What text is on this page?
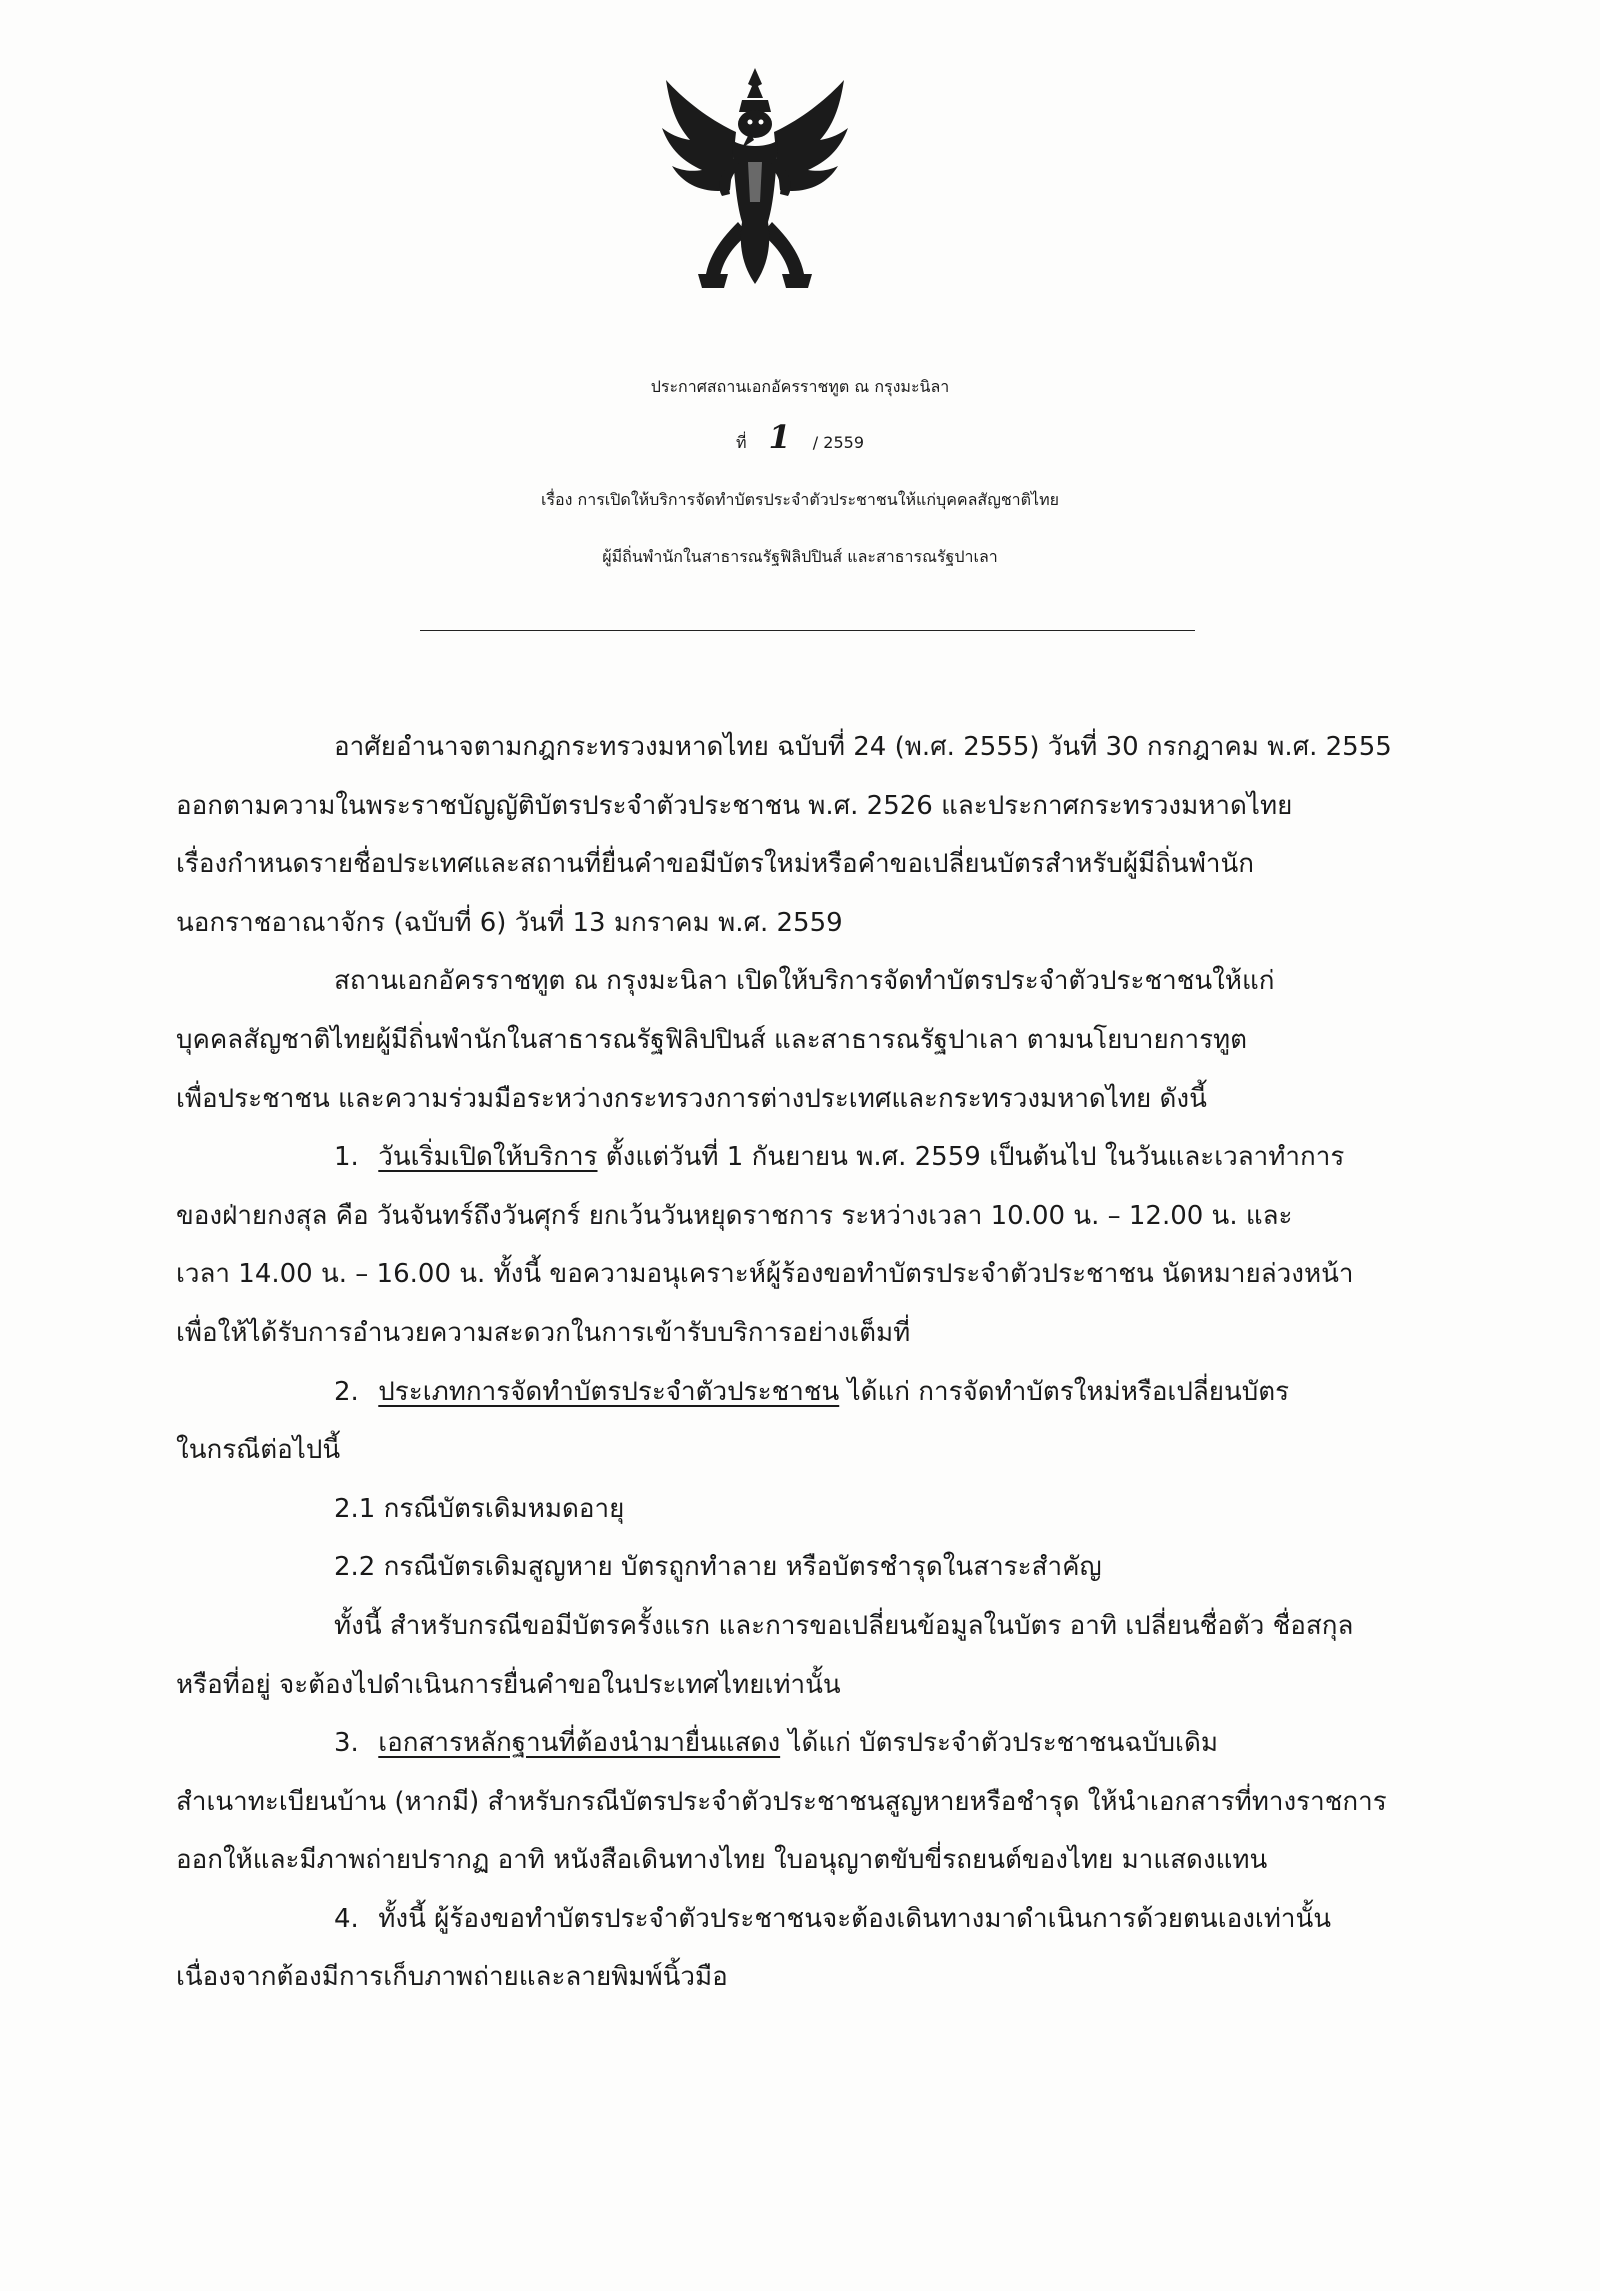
ประกาศสถานเอกอัครราชทูต ณ กรุงมะนิลา
ที่ 1 / 2559
เรื่อง การเปิดให้บริการจัดทำบัตรประจำตัวประชาชนให้แก่บุคคลสัญชาติไทย
ผู้มีถิ่นพำนักในสาธารณรัฐฟิลิปปินส์ และสาธารณรัฐปาเลา
อาศัยอำนาจตามกฎกระทรวงมหาดไทย ฉบับที่ 24 (พ.ศ. 2555) วันที่ 30 กรกฎาคม พ.ศ. 2555
ออกตามความในพระราชบัญญัติบัตรประจำตัวประชาชน พ.ศ. 2526 และประกาศกระทรวงมหาดไทย
เรื่องกำหนดรายชื่อประเทศและสถานที่ยื่นคำขอมีบัตรใหม่หรือคำขอเปลี่ยนบัตรสำหรับผู้มีถิ่นพำนัก
นอกราชอาณาจักร (ฉบับที่ 6) วันที่ 13 มกราคม พ.ศ. 2559
สถานเอกอัครราชทูต ณ กรุงมะนิลา เปิดให้บริการจัดทำบัตรประจำตัวประชาชนให้แก่
บุคคลสัญชาติไทยผู้มีถิ่นพำนักในสาธารณรัฐฟิลิปปินส์ และสาธารณรัฐปาเลา ตามนโยบายการทูต
เพื่อประชาชน และความร่วมมือระหว่างกระทรวงการต่างประเทศและกระทรวงมหาดไทย ดังนี้
1. วันเริ่มเปิดให้บริการ ตั้งแต่วันที่ 1 กันยายน พ.ศ. 2559 เป็นต้นไป ในวันและเวลาทำการ
ของฝ่ายกงสุล คือ วันจันทร์ถึงวันศุกร์ ยกเว้นวันหยุดราชการ ระหว่างเวลา 10.00 น. – 12.00 น. และ
เวลา 14.00 น. – 16.00 น. ทั้งนี้ ขอความอนุเคราะห์ผู้ร้องขอทำบัตรประจำตัวประชาชน นัดหมายล่วงหน้า
เพื่อให้ได้รับการอำนวยความสะดวกในการเข้ารับบริการอย่างเต็มที่
2. ประเภทการจัดทำบัตรประจำตัวประชาชน ได้แก่ การจัดทำบัตรใหม่หรือเปลี่ยนบัตร
ในกรณีต่อไปนี้
2.1 กรณีบัตรเดิมหมดอายุ
2.2 กรณีบัตรเดิมสูญหาย บัตรถูกทำลาย หรือบัตรชำรุดในสาระสำคัญ
ทั้งนี้ สำหรับกรณีขอมีบัตรครั้งแรก และการขอเปลี่ยนข้อมูลในบัตร อาทิ เปลี่ยนชื่อตัว ชื่อสกุล
หรือที่อยู่ จะต้องไปดำเนินการยื่นคำขอในประเทศไทยเท่านั้น
3. เอกสารหลักฐานที่ต้องนำมายื่นแสดง ได้แก่ บัตรประจำตัวประชาชนฉบับเดิม
สำเนาทะเบียนบ้าน (หากมี) สำหรับกรณีบัตรประจำตัวประชาชนสูญหายหรือชำรุด ให้นำเอกสารที่ทางราชการ
ออกให้และมีภาพถ่ายปรากฏ อาทิ หนังสือเดินทางไทย ใบอนุญาตขับขี่รถยนต์ของไทย มาแสดงแทน
4. ทั้งนี้ ผู้ร้องขอทำบัตรประจำตัวประชาชนจะต้องเดินทางมาดำเนินการด้วยตนเองเท่านั้น
เนื่องจากต้องมีการเก็บภาพถ่ายและลายพิมพ์นิ้วมือ
